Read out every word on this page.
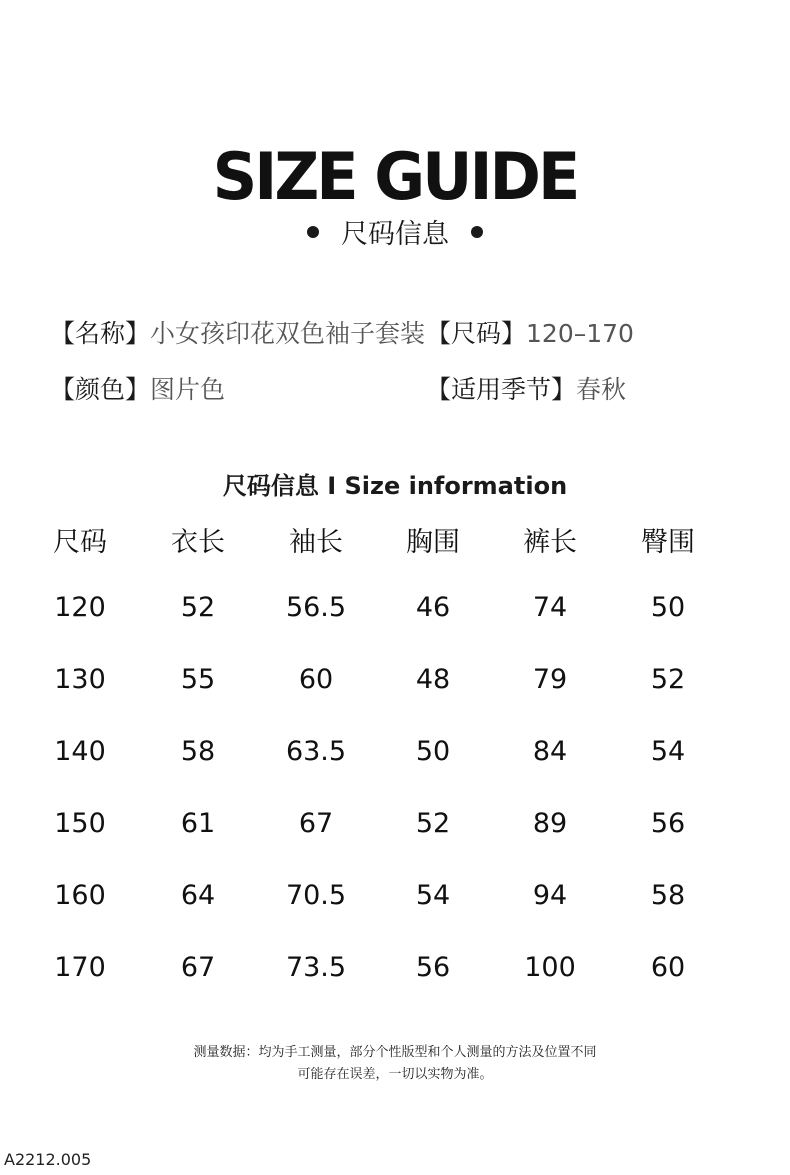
SIZE GUIDE
尺码信息
【名称】小女孩印花双色袖子套装 【尺码】120–170
【颜色】图片色	【适用季节】春秋
尺码信息 I Size information
尺码	衣长	袖长	胸围	裤长	臀围
120	52	56.5	46	74	50
130	55	60	48	79	52
140	58	63.5	50	84	54
150	61	67	52	89	56
160	64	70.5	54	94	58
170	67	73.5	56	100	60
测量数据：均为手工测量，部分个性版型和个人测量的方法及位置不同
可能存在误差，一切以实物为准。
A2212.005
